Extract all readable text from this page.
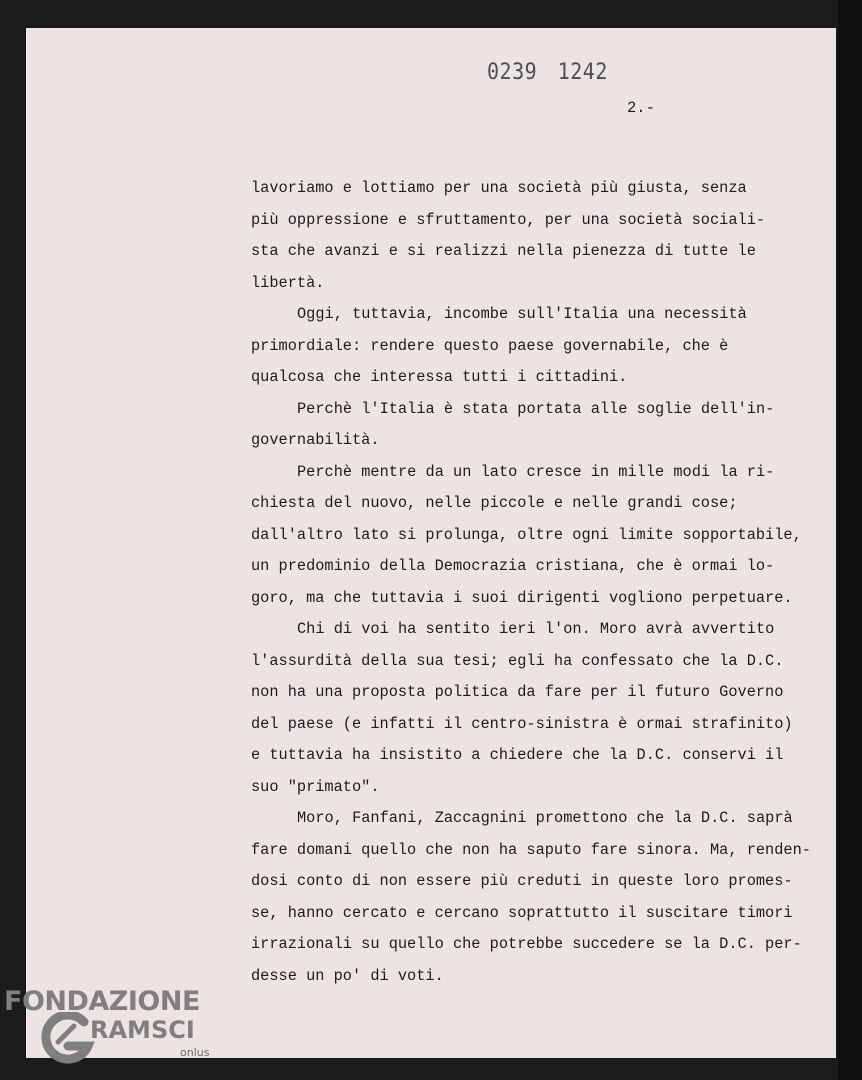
0239 1242
2.-
lavoriamo e lottiamo per una società più giusta, senza
più oppressione e sfruttamento, per una società sociali-
sta che avanzi e si realizzi nella pienezza di tutte le
libertà.
Oggi, tuttavia, incombe sull'Italia una necessità
primordiale: rendere questo paese governabile, che è
qualcosa che interessa tutti i cittadini.
Perchè l'Italia è stata portata alle soglie dell'in-
governabilità.
Perchè mentre da un lato cresce in mille modi la ri-
chiesta del nuovo, nelle piccole e nelle grandi cose;
dall'altro lato si prolunga, oltre ogni limite sopportabile,
un predominio della Democrazia cristiana, che è ormai lo-
goro, ma che tuttavia i suoi dirigenti vogliono perpetuare.
Chi di voi ha sentito ieri l'on. Moro avrà avvertito
l'assurdità della sua tesi; egli ha confessato che la D.C.
non ha una proposta politica da fare per il futuro Governo
del paese (e infatti il centro-sinistra è ormai strafinito)
e tuttavia ha insistito a chiedere che la D.C. conservi il
suo "primato".
Moro, Fanfani, Zaccagnini promettono che la D.C. saprà
fare domani quello che non ha saputo fare sinora. Ma, renden-
dosi conto di non essere più creduti in queste loro promes-
se, hanno cercato e cercano soprattutto il suscitare timori
irrazionali su quello che potrebbe succedere se la D.C. per-
desse un po' di voti.
FONDAZIONE
RAMSCI
onlus
